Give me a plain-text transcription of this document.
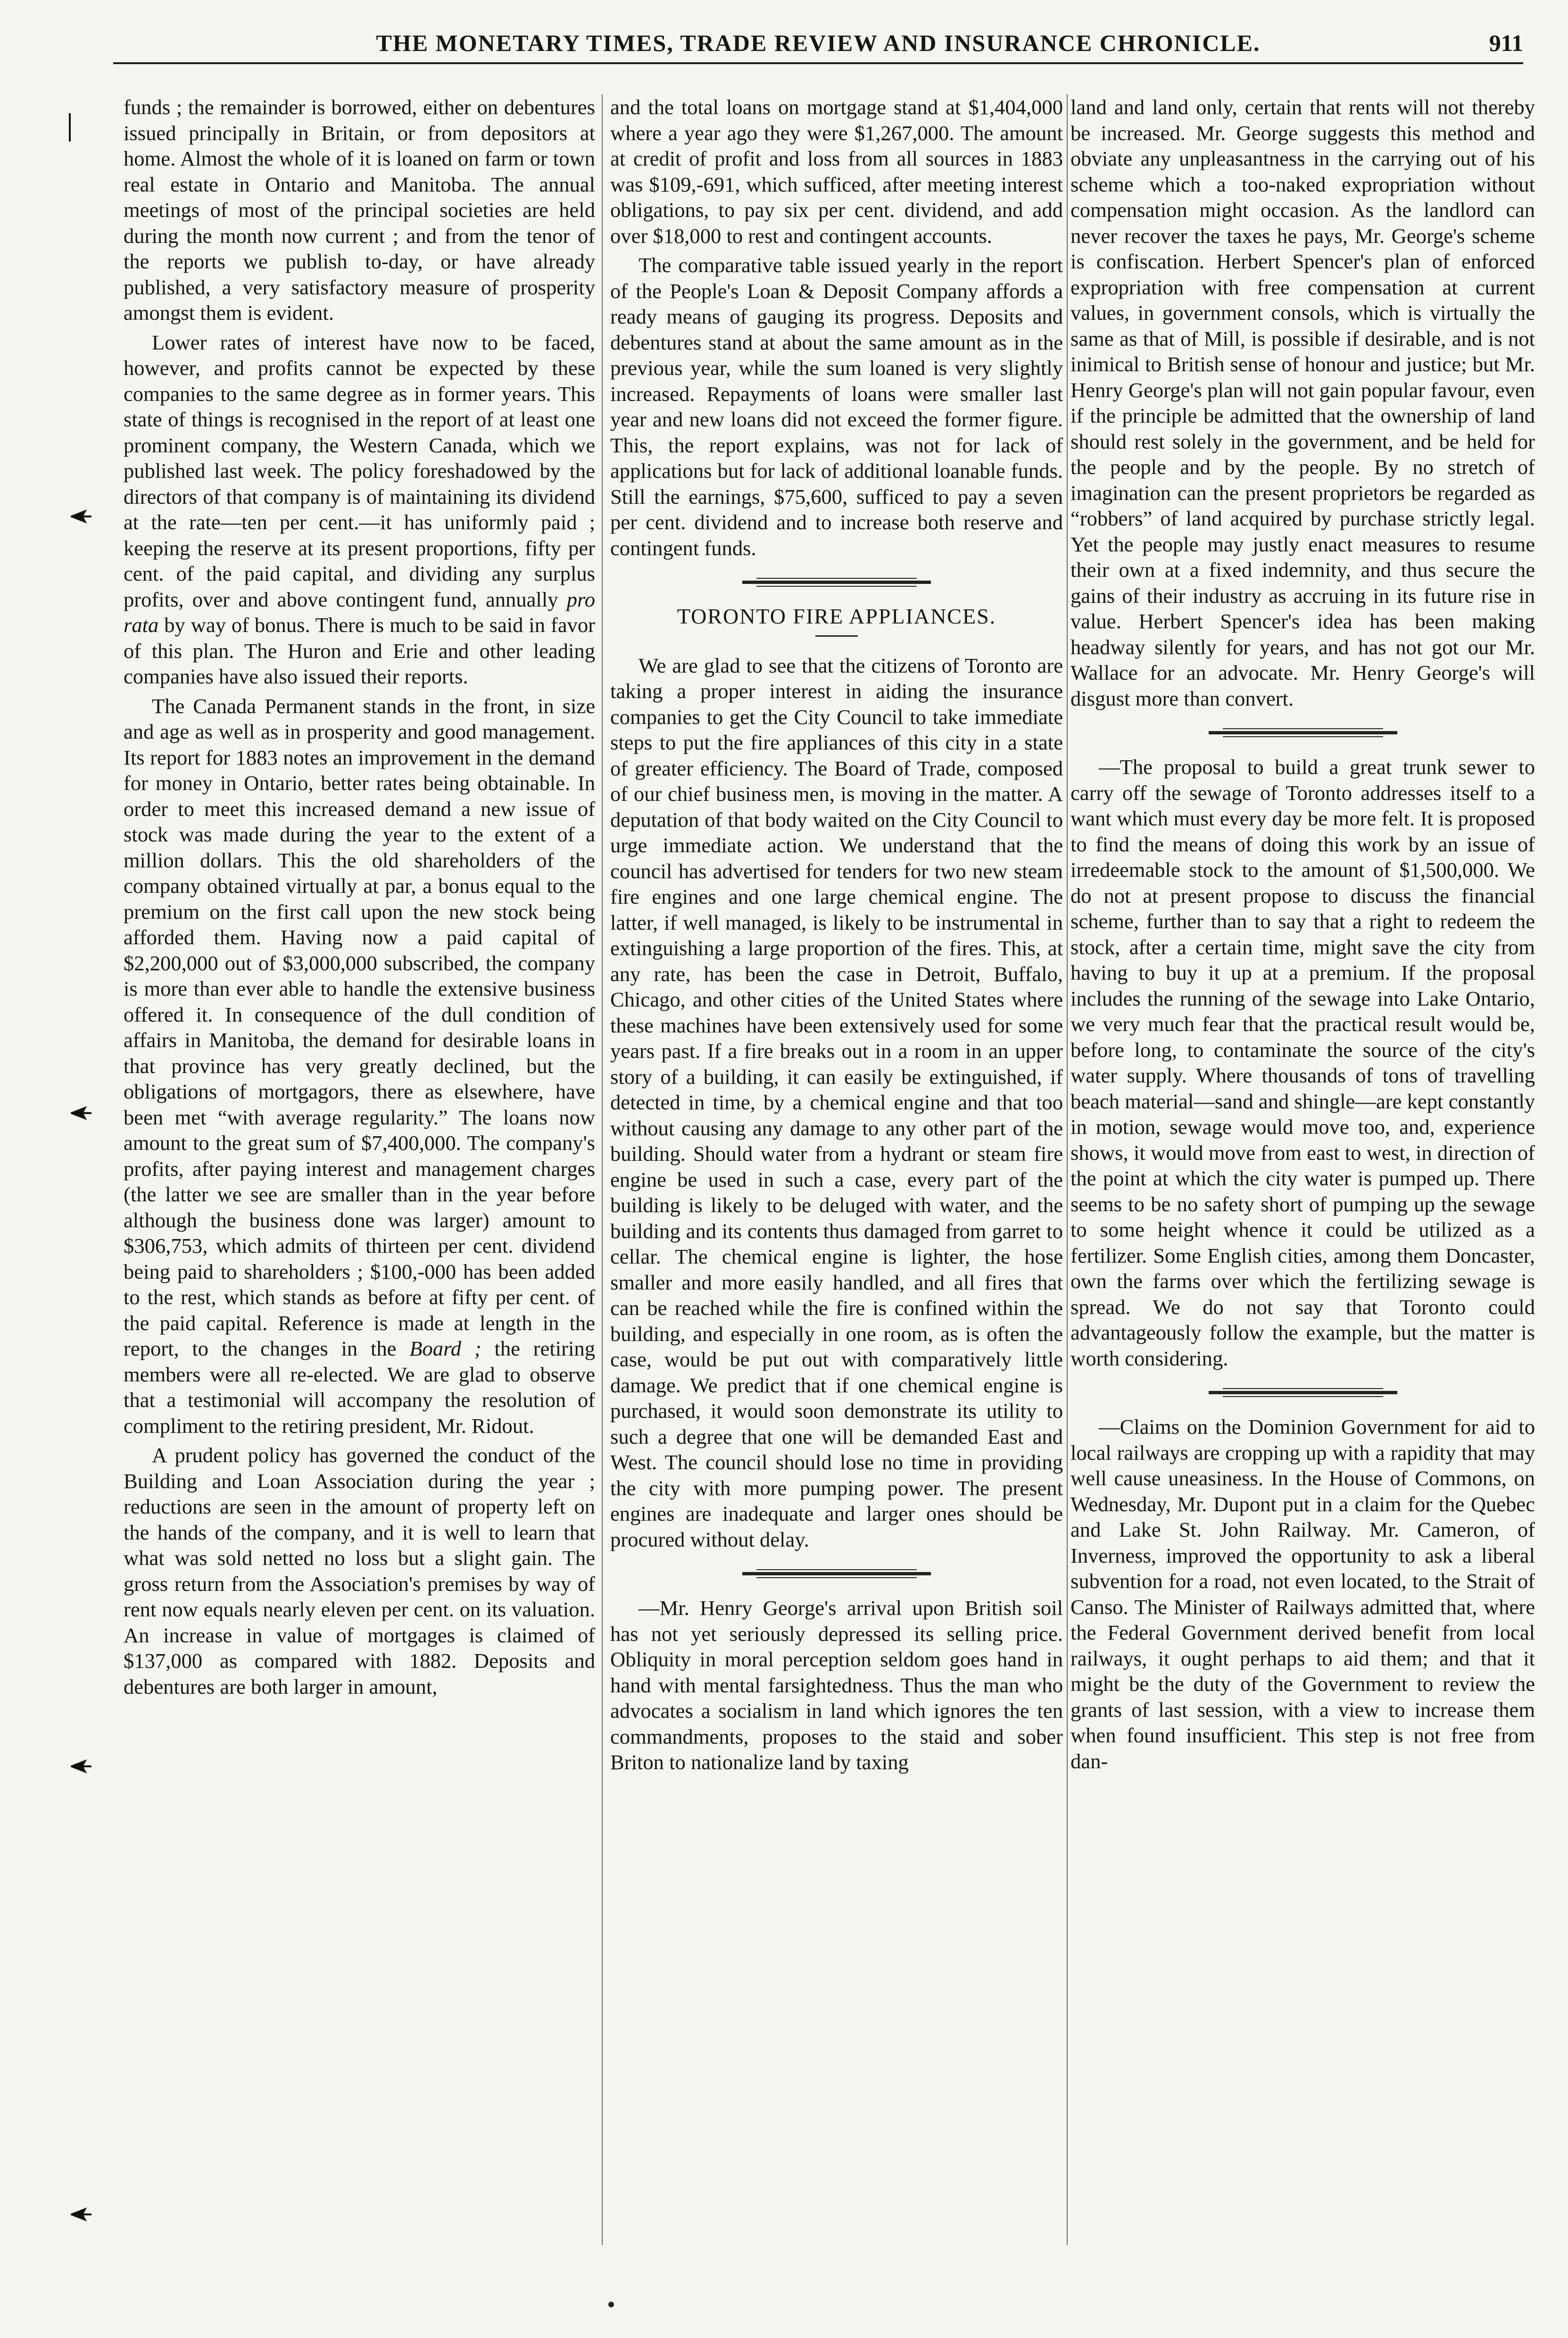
THE MONETARY TIMES, TRADE REVIEW AND INSURANCE CHRONICLE.	911

funds ; the remainder is borrowed, either on debentures issued principally in Britain, or from depositors at home. Almost the whole of it is loaned on farm or town real estate in Ontario and Manitoba. The annual meetings of most of the principal societies are held during the month now current ; and from the tenor of the reports we publish to-day, or have already published, a very satisfactory measure of prosperity amongst them is evident.

Lower rates of interest have now to be faced, however, and profits cannot be expected by these companies to the same degree as in former years. This state of things is recognised in the report of at least one prominent company, the Western Canada, which we published last week. The policy foreshadowed by the directors of that company is of maintaining its dividend at the rate—ten per cent.—it has uniformly paid ; keeping the reserve at its present proportions, fifty per cent. of the paid capital, and dividing any surplus profits, over and above contingent fund, annually pro rata by way of bonus. There is much to be said in favor of this plan. The Huron and Erie and other leading companies have also issued their reports.

The Canada Permanent stands in the front, in size and age as well as in prosperity and good management. Its report for 1883 notes an improvement in the demand for money in Ontario, better rates being obtainable. In order to meet this increased demand a new issue of stock was made during the year to the extent of a million dollars. This the old shareholders of the company obtained virtually at par, a bonus equal to the premium on the first call upon the new stock being afforded them. Having now a paid capital of $2,200,000 out of $3,000,000 subscribed, the company is more than ever able to handle the extensive business offered it. In consequence of the dull condition of affairs in Manitoba, the demand for desirable loans in that province has very greatly declined, but the obligations of mortgagors, there as elsewhere, have been met “with average regularity.” The loans now amount to the great sum of $7,400,000. The company's profits, after paying interest and management charges (the latter we see are smaller than in the year before although the business done was larger) amount to $306,753, which admits of thirteen per cent. dividend being paid to shareholders ; $100,-000 has been added to the rest, which stands as before at fifty per cent. of the paid capital. Reference is made at length in the report, to the changes in the Board ; the retiring members were all re-elected. We are glad to observe that a testimonial will accompany the resolution of compliment to the retiring president, Mr. Ridout.

A prudent policy has governed the conduct of the Building and Loan Association during the year ; reductions are seen in the amount of property left on the hands of the company, and it is well to learn that what was sold netted no loss but a slight gain. The gross return from the Association's premises by way of rent now equals nearly eleven per cent. on its valuation. An increase in value of mortgages is claimed of $137,000 as compared with 1882. Deposits and debentures are both larger in amount,

and the total loans on mortgage stand at $1,404,000 where a year ago they were $1,267,000. The amount at credit of profit and loss from all sources in 1883 was $109,-691, which sufficed, after meeting interest obligations, to pay six per cent. dividend, and add over $18,000 to rest and contingent accounts.

The comparative table issued yearly in the report of the People's Loan & Deposit Company affords a ready means of gauging its progress. Deposits and debentures stand at about the same amount as in the previous year, while the sum loaned is very slightly increased. Repayments of loans were smaller last year and new loans did not exceed the former figure. This, the report explains, was not for lack of applications but for lack of additional loanable funds. Still the earnings, $75,600, sufficed to pay a seven per cent. dividend and to increase both reserve and contingent funds.

TORONTO FIRE APPLIANCES.

We are glad to see that the citizens of Toronto are taking a proper interest in aiding the insurance companies to get the City Council to take immediate steps to put the fire appliances of this city in a state of greater efficiency. The Board of Trade, composed of our chief business men, is moving in the matter. A deputation of that body waited on the City Council to urge immediate action. We understand that the council has advertised for tenders for two new steam fire engines and one large chemical engine. The latter, if well managed, is likely to be instrumental in extinguishing a large proportion of the fires. This, at any rate, has been the case in Detroit, Buffalo, Chicago, and other cities of the United States where these machines have been extensively used for some years past. If a fire breaks out in a room in an upper story of a building, it can easily be extinguished, if detected in time, by a chemical engine and that too without causing any damage to any other part of the building. Should water from a hydrant or steam fire engine be used in such a case, every part of the building is likely to be deluged with water, and the building and its contents thus damaged from garret to cellar. The chemical engine is lighter, the hose smaller and more easily handled, and all fires that can be reached while the fire is confined within the building, and especially in one room, as is often the case, would be put out with comparatively little damage. We predict that if one chemical engine is purchased, it would soon demonstrate its utility to such a degree that one will be demanded East and West. The council should lose no time in providing the city with more pumping power. The present engines are inadequate and larger ones should be procured without delay.

—Mr. Henry George's arrival upon British soil has not yet seriously depressed its selling price. Obliquity in moral perception seldom goes hand in hand with mental farsightedness. Thus the man who advocates a socialism in land which ignores the ten commandments, proposes to the staid and sober Briton to nationalize land by taxing

land and land only, certain that rents will not thereby be increased. Mr. George suggests this method and obviate any unpleasantness in the carrying out of his scheme which a too-naked expropriation without compensation might occasion. As the landlord can never recover the taxes he pays, Mr. George's scheme is confiscation. Herbert Spencer's plan of enforced expropriation with free compensation at current values, in government consols, which is virtually the same as that of Mill, is possible if desirable, and is not inimical to British sense of honour and justice; but Mr. Henry George's plan will not gain popular favour, even if the principle be admitted that the ownership of land should rest solely in the government, and be held for the people and by the people. By no stretch of imagination can the present proprietors be regarded as “robbers” of land acquired by purchase strictly legal. Yet the people may justly enact measures to resume their own at a fixed indemnity, and thus secure the gains of their industry as accruing in its future rise in value. Herbert Spencer's idea has been making headway silently for years, and has not got our Mr. Wallace for an advocate. Mr. Henry George's will disgust more than convert.

—The proposal to build a great trunk sewer to carry off the sewage of Toronto addresses itself to a want which must every day be more felt. It is proposed to find the means of doing this work by an issue of irredeemable stock to the amount of $1,500,000. We do not at present propose to discuss the financial scheme, further than to say that a right to redeem the stock, after a certain time, might save the city from having to buy it up at a premium. If the proposal includes the running of the sewage into Lake Ontario, we very much fear that the practical result would be, before long, to contaminate the source of the city's water supply. Where thousands of tons of travelling beach material—sand and shingle—are kept constantly in motion, sewage would move too, and, experience shows, it would move from east to west, in direction of the point at which the city water is pumped up. There seems to be no safety short of pumping up the sewage to some height whence it could be utilized as a fertilizer. Some English cities, among them Doncaster, own the farms over which the fertilizing sewage is spread. We do not say that Toronto could advantageously follow the example, but the matter is worth considering.

—Claims on the Dominion Government for aid to local railways are cropping up with a rapidity that may well cause uneasiness. In the House of Commons, on Wednesday, Mr. Dupont put in a claim for the Quebec and Lake St. John Railway. Mr. Cameron, of Inverness, improved the opportunity to ask a liberal subvention for a road, not even located, to the Strait of Canso. The Minister of Railways admitted that, where the Federal Government derived benefit from local railways, it ought perhaps to aid them; and that it might be the duty of the Government to review the grants of last session, with a view to increase them when found insufficient. This step is not free from dan-
